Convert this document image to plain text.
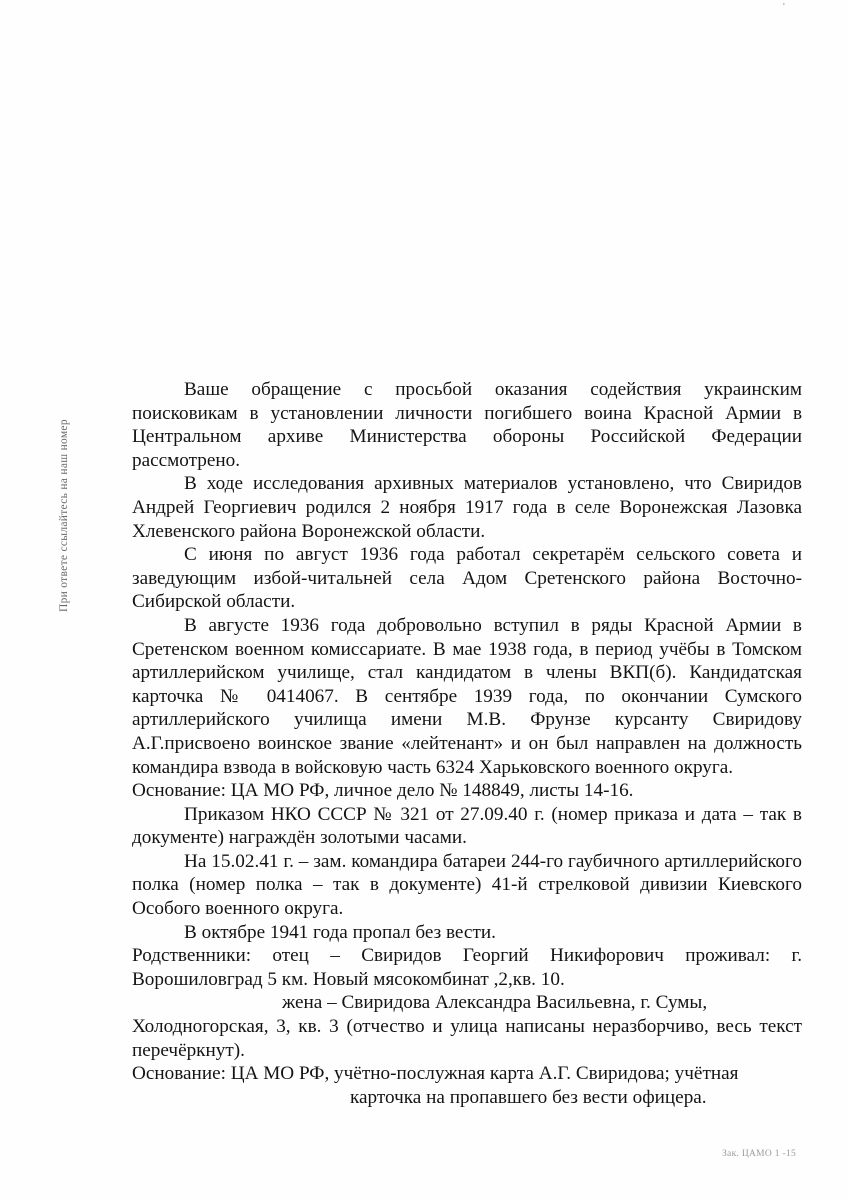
'
При ответе ссылайтесь на наш номер

Ваше обращение с просьбой оказания содействия украинским поисковикам в установлении личности погибшего воина Красной Армии в Центральном архиве Министерства обороны Российской Федерации рассмотрено.

В ходе исследования архивных материалов установлено, что Свиридов Андрей Георгиевич родился 2 ноября 1917 года в селе Воронежская Лазовка Хлевенского района Воронежской области.

С июня по август 1936 года работал секретарём сельского совета и заведующим избой-читальней села Адом Сретенского района Восточно-Сибирской области.

В августе 1936 года добровольно вступил в ряды Красной Армии в Сретенском военном комиссариате. В мае 1938 года, в период учёбы в Томском артиллерийском училище, стал кандидатом в члены ВКП(б). Кандидатская карточка № 0414067. В сентябре 1939 года, по окончании Сумского артиллерийского училища имени М.В. Фрунзе курсанту Свиридову А.Г.присвоено воинское звание «лейтенант» и он был направлен на должность командира взвода в войсковую часть 6324 Харьковского военного округа.

Основание: ЦА МО РФ, личное дело № 148849, листы 14-16.

Приказом НКО СССР № 321 от 27.09.40 г. (номер приказа и дата – так в документе) награждён золотыми часами.

На 15.02.41 г. – зам. командира батареи 244-го гаубичного артиллерийского полка (номер полка – так в документе) 41-й стрелковой дивизии Киевского Особого военного округа.

В октябре 1941 года пропал без вести.

Родственники: отец – Свиридов Георгий Никифорович проживал: г. Ворошиловград 5 км. Новый мясокомбинат ,2,кв. 10.

жена – Свиридова Александра Васильевна, г. Сумы,

Холодногорская, 3, кв. 3 (отчество и улица написаны неразборчиво, весь текст перечёркнут).

Основание: ЦА МО РФ, учётно-послужная карта А.Г. Свиридова; учётная

карточка на пропавшего без вести офицера.

Зак. ЦАМО 1 -15
